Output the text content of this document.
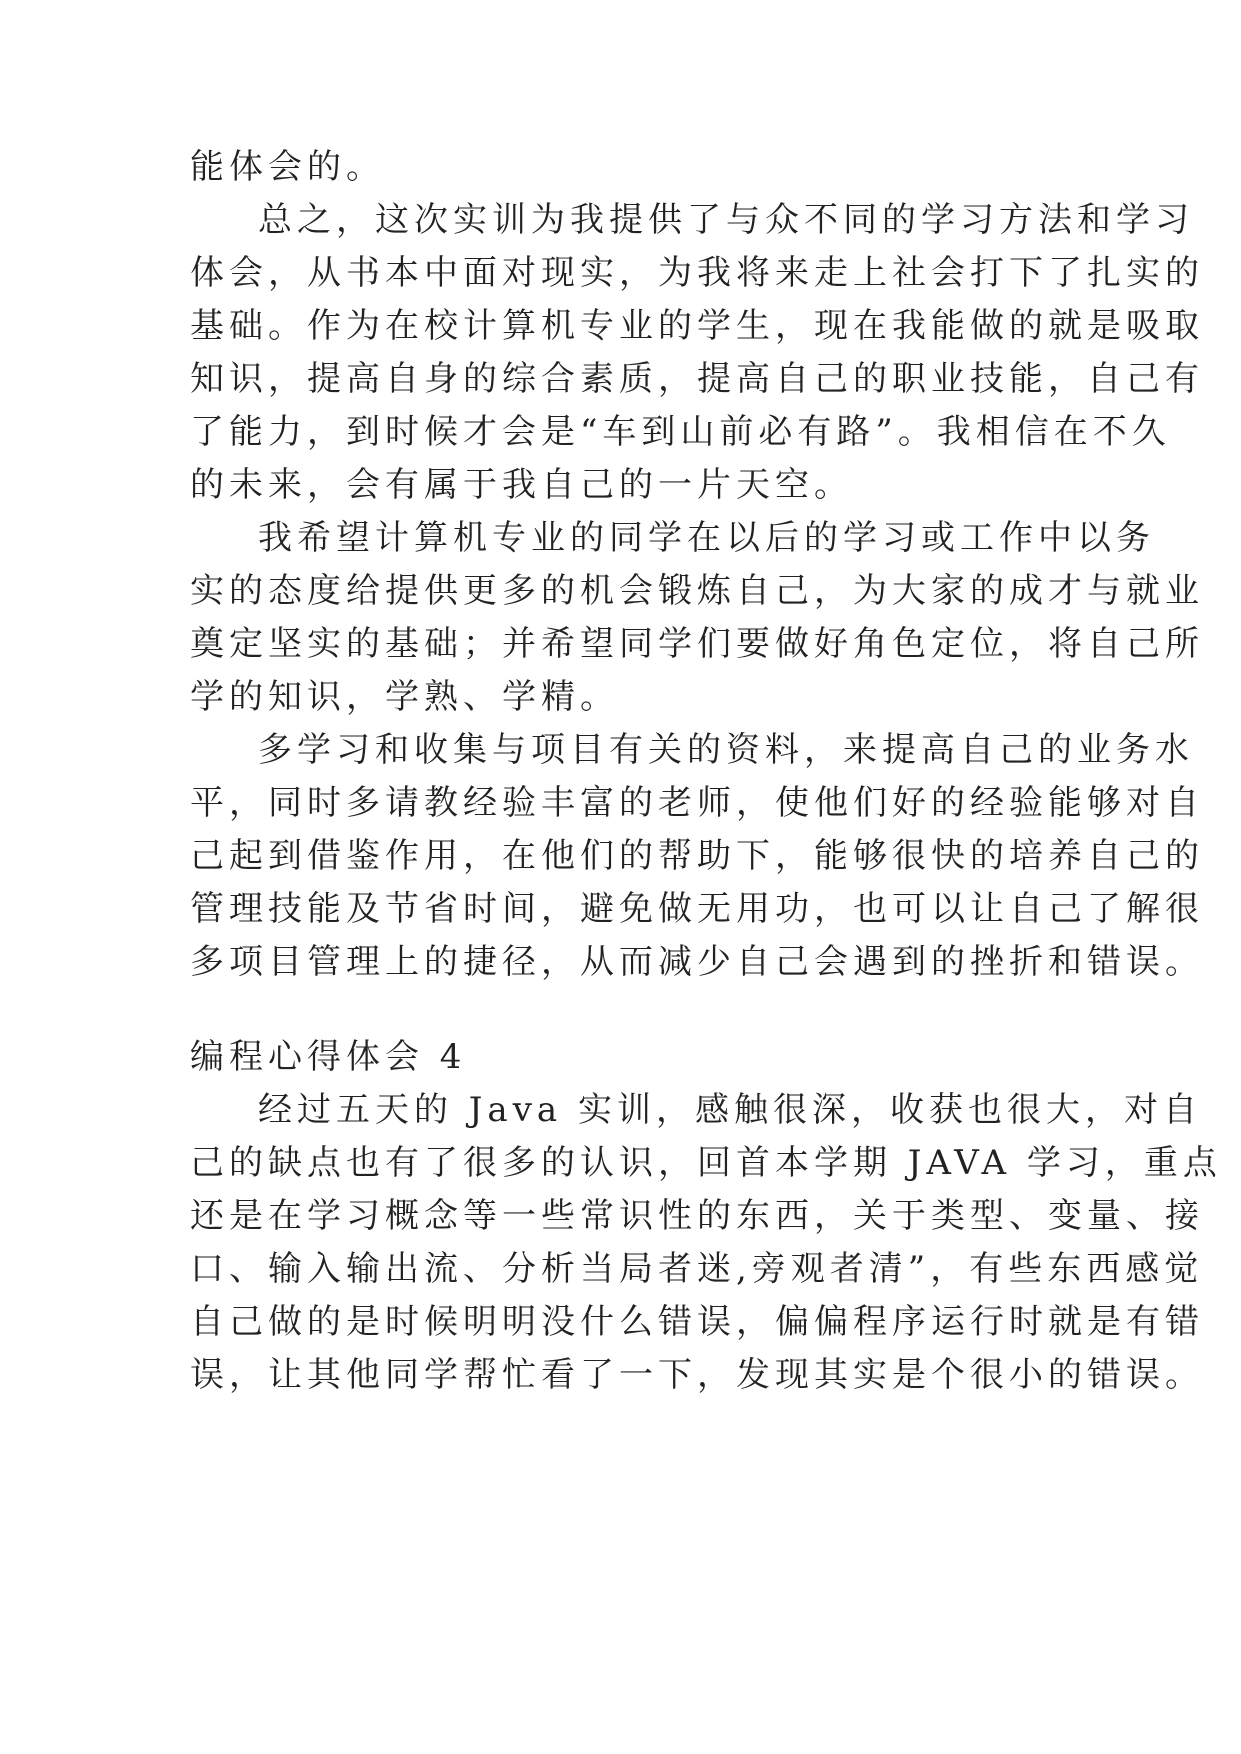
能体会的。
总之，这次实训为我提供了与众不同的学习方法和学习
体会，从书本中面对现实，为我将来走上社会打下了扎实的
基础。作为在校计算机专业的学生，现在我能做的就是吸取
知识，提高自身的综合素质，提高自己的职业技能，自己有
了能力，到时候才会是“车到山前必有路”。我相信在不久
的未来，会有属于我自己的一片天空。
我希望计算机专业的同学在以后的学习或工作中以务
实的态度给提供更多的机会锻炼自己，为大家的成才与就业
奠定坚实的基础；并希望同学们要做好角色定位，将自己所
学的知识，学熟、学精。
多学习和收集与项目有关的资料，来提高自己的业务水
平，同时多请教经验丰富的老师，使他们好的经验能够对自
己起到借鉴作用，在他们的帮助下，能够很快的培养自己的
管理技能及节省时间，避免做无用功，也可以让自己了解很
多项目管理上的捷径，从而减少自己会遇到的挫折和错误。
编程心得体会 4
经过五天的 Java 实训，感触很深，收获也很大，对自
己的缺点也有了很多的认识，回首本学期 JAVA 学习，重点
还是在学习概念等一些常识性的东西，关于类型、变量、接
口、输入输出流、分析当局者迷,旁观者清”，有些东西感觉
自己做的是时候明明没什么错误，偏偏程序运行时就是有错
误，让其他同学帮忙看了一下，发现其实是个很小的错误。
